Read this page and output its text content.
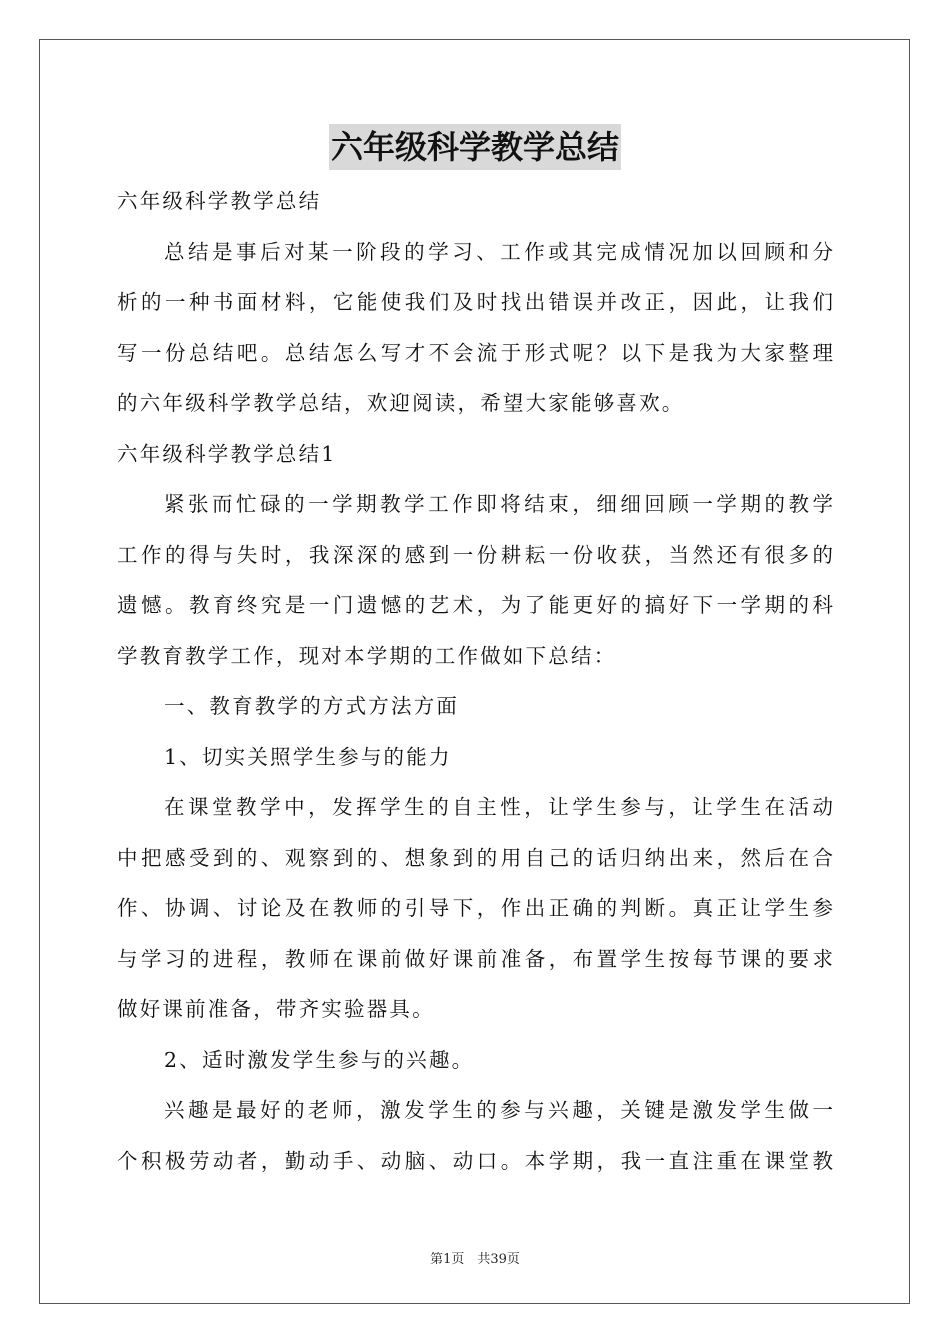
六年级科学教学总结
六年级科学教学总结
总结是事后对某一阶段的学习、工作或其完成情况加以回顾和分
析的一种书面材料，它能使我们及时找出错误并改正，因此，让我们
写一份总结吧。总结怎么写才不会流于形式呢？以下是我为大家整理
的六年级科学教学总结，欢迎阅读，希望大家能够喜欢。
六年级科学教学总结1
紧张而忙碌的一学期教学工作即将结束，细细回顾一学期的教学
工作的得与失时，我深深的感到一份耕耘一份收获，当然还有很多的
遗憾。教育终究是一门遗憾的艺术，为了能更好的搞好下一学期的科
学教育教学工作，现对本学期的工作做如下总结：
一、教育教学的方式方法方面
1、切实关照学生参与的能力
在课堂教学中，发挥学生的自主性，让学生参与，让学生在活动
中把感受到的、观察到的、想象到的用自己的话归纳出来，然后在合
作、协调、讨论及在教师的引导下，作出正确的判断。真正让学生参
与学习的进程，教师在课前做好课前准备，布置学生按每节课的要求
做好课前准备，带齐实验器具。
2、适时激发学生参与的兴趣。
兴趣是最好的老师，激发学生的参与兴趣，关键是激发学生做一
个积极劳动者，勤动手、动脑、动口。本学期，我一直注重在课堂教
第1页　共39页
